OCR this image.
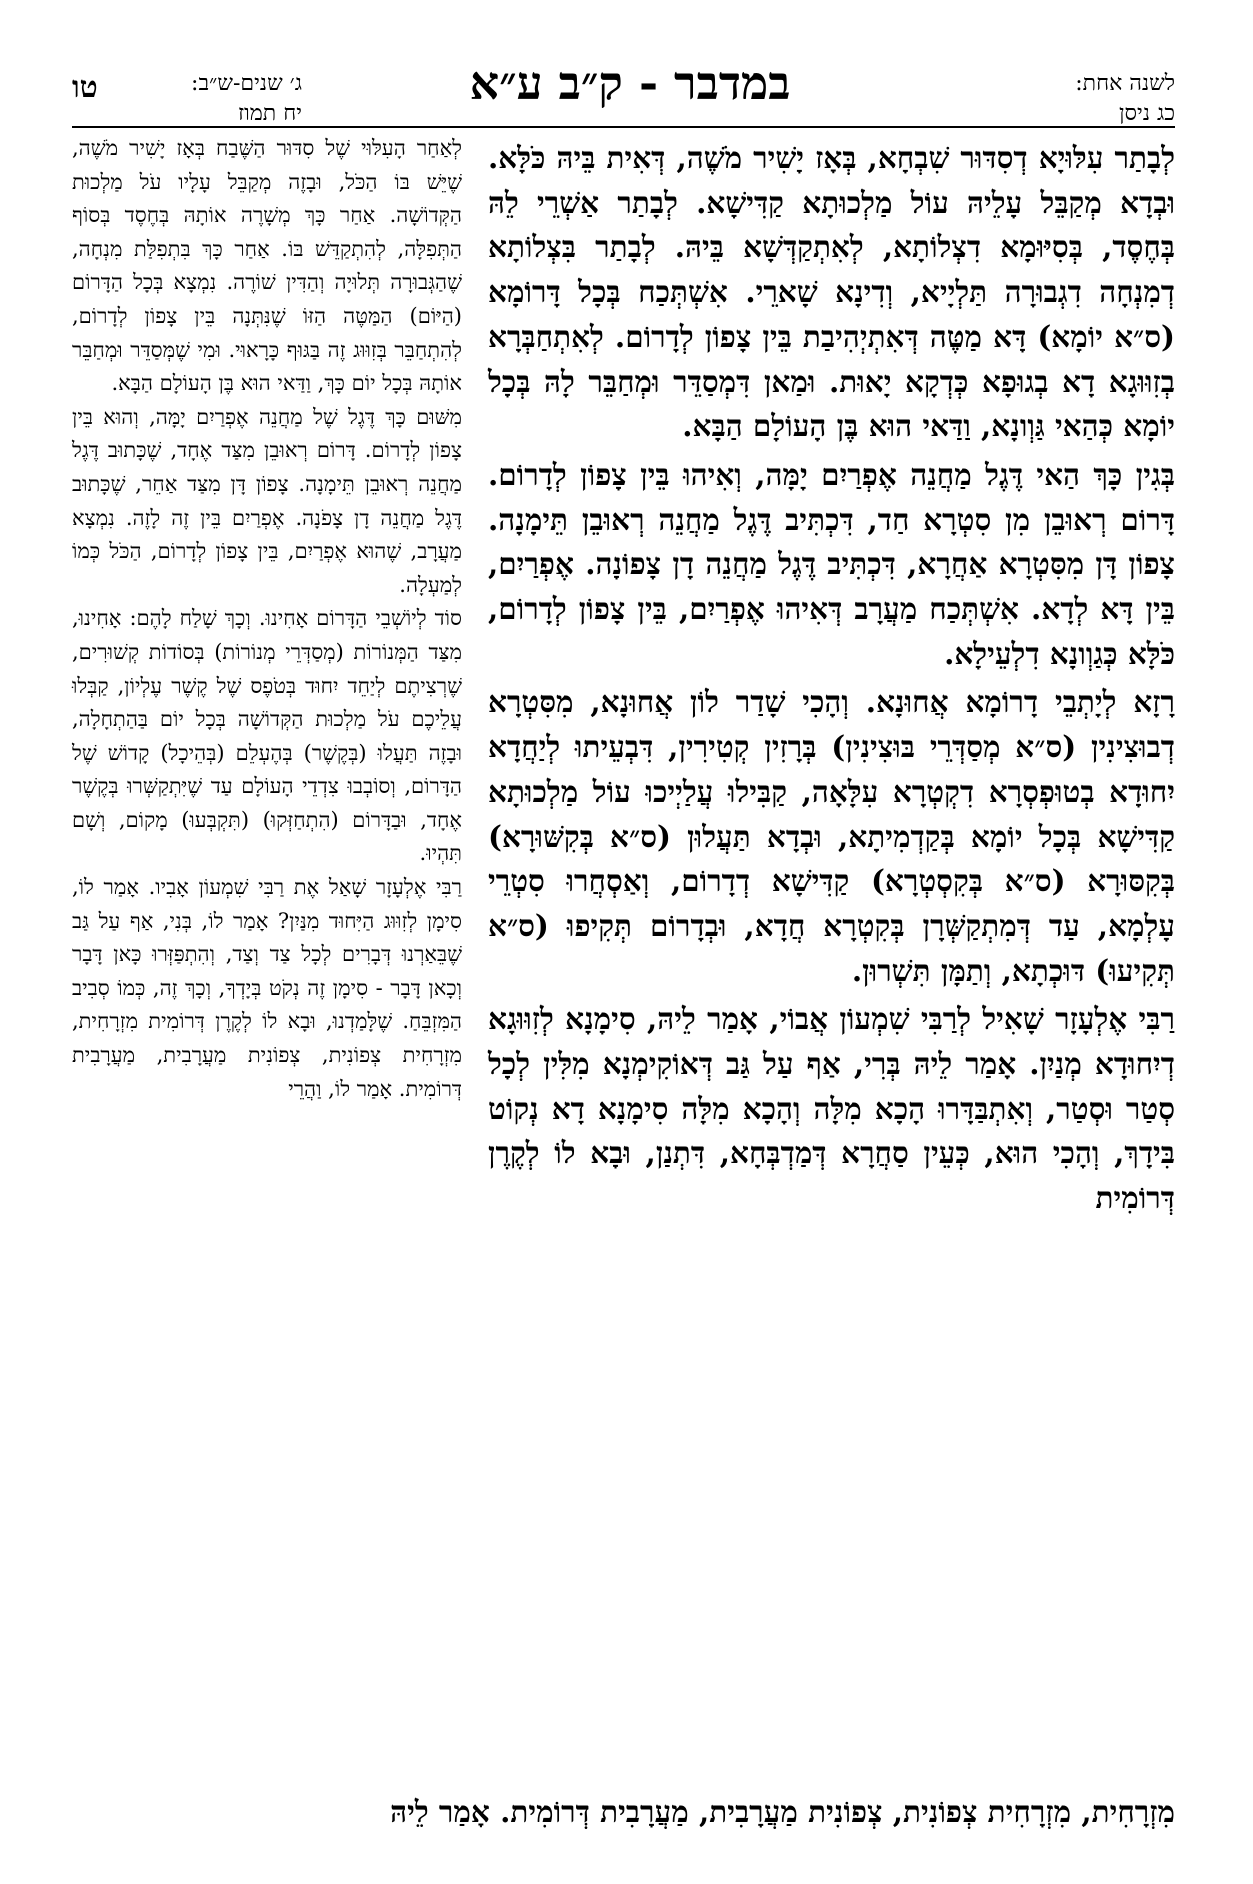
טו	ג׳ שנים-ש״ב:
יח תמוז
במדבר - ק״ב ע״א	לשנה אחת:
כג ניסן

לְבָתַר עִלּוּיָא דְסִדּוּר שִׁבְחָא, בְּאָז יָשִׁיר מֹשֶׁה, דְּאִית בֵּיהּ כֹּלָּא. וּבְדָא מְקַבֵּל עָלֵיהּ עוֹל מַלְכוּתָא קַדִּישָׁא. לְבָתַר אַשְׁרֵי לֵהּ בְּחֶסֶד, בְּסִיּוּמָא דִצְלוֹתָא, לְאִתְקַדְּשָׁא בֵּיהּ. לְבָתַר בִּצְלוֹתָא דְמִנְחָה דִגְבוּרָה תַּלְיָיא, וְדִינָא שָׁארֵי. אִשְׁתְּכַח בְּכָל דָּרוֹמָא (ס״א יוֹמָא) דָּא מַטֶּה דְּאִתְיְהִיבַת בֵּין צָפוֹן לְדָרוֹם. לְאִתְחַבְּרָא בְזִוּוּגָא דָא בְגוּפָא כְּדְקָא יָאוּת. וּמַאן דִּמְסַדֵּר וּמְחַבֵּר לָהּ בְּכָל יוֹמָא כְּהַאי גַּוְונָא, וַדַּאי הוּא בֶּן הָעוֹלָם הַבָּא.

בְּגִין כָּךְ הַאי דֶּגֶל מַחֲנֵה אֶפְרַיִם יָמָּה, וְאִיהוּ בֵּין צָפוֹן לְדָרוֹם. דָּרוֹם רְאוּבֵן מִן סִטְרָא חַד, דִּכְתִּיב דֶּגֶל מַחֲנֵה רְאוּבֵן תֵּימָנָה. צָפוֹן דָּן מִסִּטְרָא אַחֲרָא, דִּכְתִּיב דֶּגֶל מַחֲנֵה דָן צָפוֹנָה. אֶפְרַיִם, בֵּין דָּא לְדָא. אִשְׁתְּכַח מַעֲרָב דְּאִיהוּ אֶפְרַיִם, בֵּין צָפוֹן לְדָרוֹם, כֹּלָּא כְּגַוְונָא דִלְעֵילָא.

רָזָא לְיָתְבֵי דָרוֹמָא אֲחוּנָא. וְהָכִי שָׁדַר לוֹן אֲחוּנָא, מִסִּטְרָא דְבוּצִינִין (ס״א מְסַדְּרֵי בּוּצִינִין) בְּרָזִין קְטִירִין, דִּבְעֵיתוּ לְיַחֲדָא יִחוּדָא בְטוּפְסְרָא דִקְטְרָא עִלָּאָה, קַבִּילוּ עֲלַיְיכוּ עוֹל מַלְכוּתָא קַדִּישָׁא בְּכָל יוֹמָא בְּקַדְמִיתָא, וּבְדָא תַּעֲלוּן (ס״א בְּקִשּׁוּרָא) בְּקִסּוּרָא (ס״א בְּקִסְטְרָא) קַדִּישָׁא דְדָרוֹם, וְאַסְחֲרוּ סִטְרֵי עָלְמָא, עַד דְּמִתְקַשְּׁרָן בְּקִטְרָא חֲדָא, וּבְדָרוֹם תְּקִיפוּ (ס״א תְּקִיעוּ) דּוּכְתָא, וְתַמָּן תִּשְׁרוּן.

רַבִּי אֶלְעָזָר שָׁאִיל לְרַבִּי שִׁמְעוֹן אֲבוֹי, אָמַר לֵיהּ, סִימָנָא לְזִוּוּגָא דְיִחוּדָא מְנַיִן. אָמַר לֵיהּ בְּרִי, אַף עַל גַּב דְּאוֹקִימְנָא מִלִּין לְכָל סְטַר וּסְטַר, וְאִתְבַּדָּרוּ הָכָא מִלָּה וְהָכָא מִלָּה סִימָנָא דָא נְקוֹט בִּידָךְ, וְהָכִי הוּא, כְּעֵין סַחֲרָא דְּמַדְבְּחָא, דִּתְנַן, וּבָא לוֹ לְקֶרֶן דְּרוֹמִית

לְאַחַר הָעִלּוּי שֶׁל סִדּוּר הַשֶּׁבַח בְּאָז יָשִׁיר מֹשֶׁה, שֶׁיֵּשׁ בּוֹ הַכֹּל, וּבָזֶה מְקַבֵּל עָלָיו עֹל מַלְכוּת הַקְּדוֹשָׁה. אַחַר כָּךְ מְשָׁרֶה אוֹתָהּ בְּחֶסֶד בְּסוֹף הַתְּפִלָּה, לְהִתְקַדֵּשׁ בּוֹ. אַחַר כָּךְ בִּתְפִלַּת מִנְחָה, שֶׁהַגְּבוּרָה תְּלוּיָה וְהַדִּין שׁוֹרֶה. נִמְצָא בְּכָל הַדָּרוֹם (הַיּוֹם) הַמַּטֶּה הַזּוֹ שֶׁנִּתְּנָה בֵּין צָפוֹן לְדָרוֹם, לְהִתְחַבֵּר בְּזִוּוּג זֶה בַּגּוּף כָּרָאוּי. וּמִי שֶׁמְּסַדֵּר וּמְחַבֵּר אוֹתָהּ בְּכָל יוֹם כָּךְ, וַדַּאי הוּא בֶּן הָעוֹלָם הַבָּא.

מִשּׁוּם כָּךְ דֶּגֶל שֶׁל מַחֲנֵה אֶפְרַיִם יָמָּה, וְהוּא בֵּין צָפוֹן לְדָרוֹם. דָּרוֹם רְאוּבֵן מִצַּד אֶחָד, שֶׁכָּתוּב דֶּגֶל מַחֲנֵה רְאוּבֵן תֵּימָנָה. צָפוֹן דָּן מִצַּד אַחֵר, שֶׁכָּתוּב דֶּגֶל מַחֲנֵה דָן צָפֹנָה. אֶפְרַיִם בֵּין זֶה לָזֶה. נִמְצָא מַעֲרָב, שֶׁהוּא אֶפְרַיִם, בֵּין צָפוֹן לְדָרוֹם, הַכֹּל כְּמוֹ לְמַעְלָה.

סוֹד לְיוֹשְׁבֵי הַדָּרוֹם אָחִינוּ. וְכָךְ שָׁלַח לָהֶם: אָחִינוּ, מִצַּד הַמְּנוֹרוֹת (מְסַדְּרֵי מְנוֹרוֹת) בְּסוֹדוֹת קְשׁוּרִים, שֶׁרְצִיתֶם לְיַחֵד יִחוּד בְּטֹפֶס שֶׁל קֶשֶׁר עֶלְיוֹן, קַבְּלוּ עֲלֵיכֶם עֹל מַלְכוּת הַקְּדוֹשָׁה בְּכָל יוֹם בַּהַתְחָלָה, וּבָזֶה תַּעֲלוּ (בְּקֶשֶׁר) בְּהֶעְלֵם (בְּהֵיכָל) קָדוֹשׁ שֶׁל הַדָּרוֹם, וְסוֹבְבוּ צִדְדֵי הָעוֹלָם עַד שֶׁיִּתְקַשְּׁרוּ בְּקֶשֶׁר אֶחָד, וּבַדָּרוֹם (הִתְחַזְּקוּ) (תִּקְבְּעוּ) מָקוֹם, וְשָׁם תִּהְיוּ.

רַבִּי אֶלְעָזָר שָׁאַל אֶת רַבִּי שִׁמְעוֹן אָבִיו. אָמַר לוֹ, סִימָן לְזִוּוּג הַיִּחוּד מִנַּיִן? אָמַר לוֹ, בְּנִי, אַף עַל גַּב שֶׁבֵּאַרְנוּ דְּבָרִים לְכָל צַד וְצַד, וְהִתְפַּזְּרוּ כָּאן דָּבָר וְכָאן דָּבָר - סִימָן זֶה נְקֹט בְּיָדְךָ, וְכָךְ זֶה, כְּמוֹ סְבִיב הַמִּזְבֵּחַ. שֶׁלָּמַדְנוּ, וּבָא לוֹ לְקֶרֶן דְּרוֹמִית מִזְרָחִית, מִזְרָחִית צְפוֹנִית, צְפוֹנִית מַעֲרָבִית, מַעֲרָבִית דְּרוֹמִית. אָמַר לוֹ, וַהֲרֵי

מִזְרָחִית, מִזְרָחִית צְפוֹנִית, צְפוֹנִית מַעֲרָבִית, מַעֲרָבִית דְּרוֹמִית. אָמַר לֵיהּ
